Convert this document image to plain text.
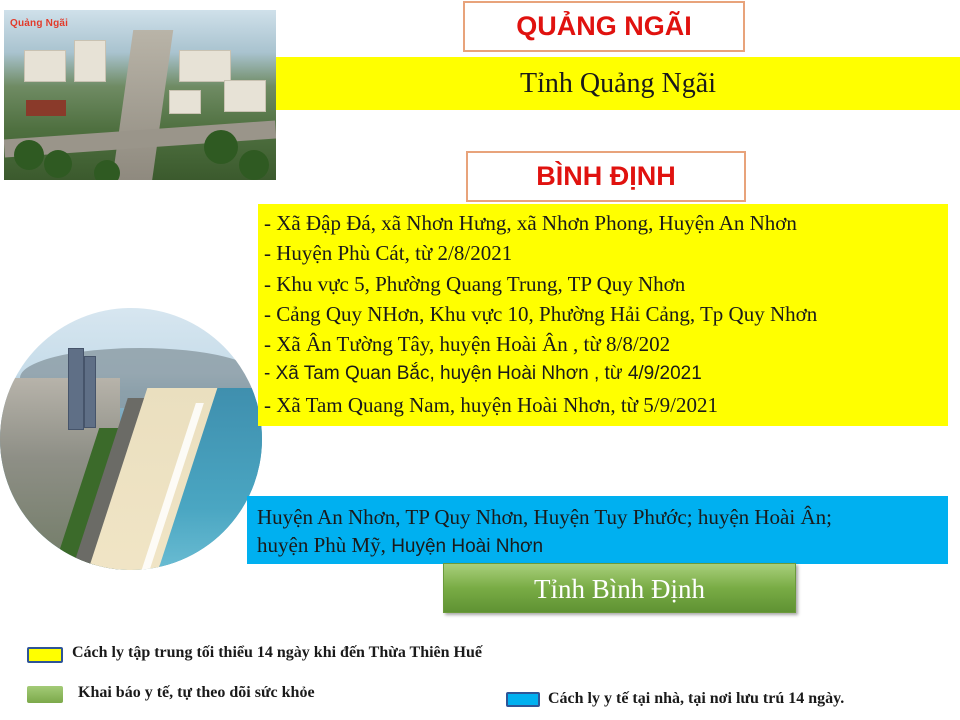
Quảng Ngãi	QUẢNG NGÃI
Tỉnh Quảng Ngãi
BÌNH ĐỊNH
- Xã Đập Đá, xã Nhơn Hưng, xã Nhơn Phong, Huyện An Nhơn
- Huyện Phù Cát, từ 2/8/2021
- Khu vực 5, Phường Quang Trung, TP Quy Nhơn
- Cảng Quy NHơn, Khu vực 10, Phường Hải Cảng, Tp Quy Nhơn
- Xã Ân Tường Tây, huyện Hoài Ân , từ 8/8/202
- Xã Tam Quan Bắc, huyện Hoài Nhơn , từ 4/9/2021
- Xã Tam Quang Nam, huyện Hoài Nhơn, từ 5/9/2021
Huyện An Nhơn, TP Quy Nhơn, Huyện Tuy Phước; huyện Hoài Ân;
huyện Phù Mỹ, Huyện Hoài Nhơn
Tỉnh Bình Định
Cách ly tập trung tối thiểu 14 ngày khi đến Thừa Thiên Huế
Khai báo y tế, tự theo dõi sức khỏe	Cách ly y tế tại nhà, tại nơi lưu trú 14 ngày.
